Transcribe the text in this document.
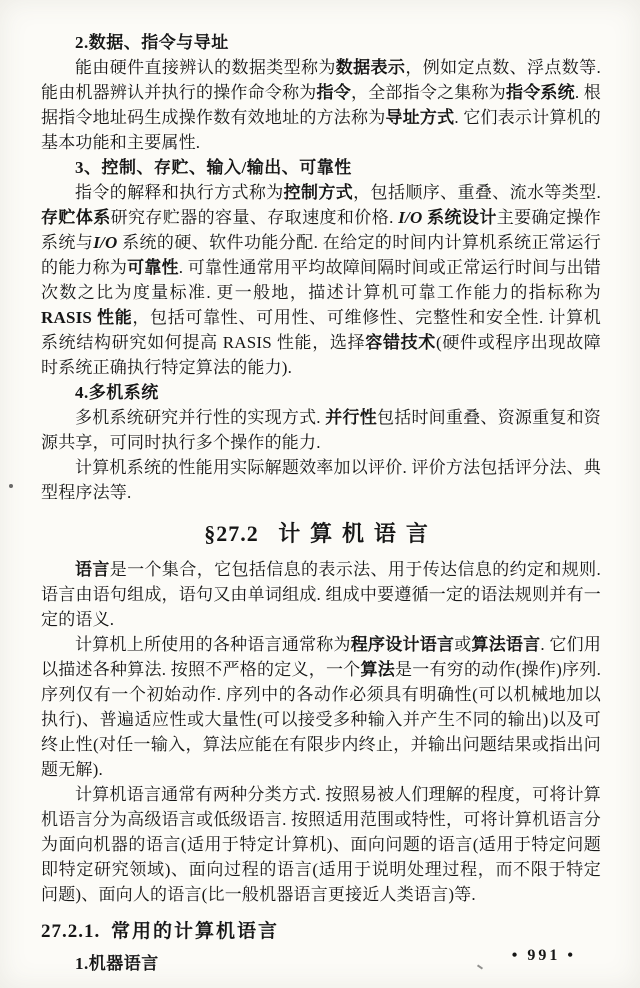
2.数据、指令与导址

能由硬件直接辨认的数据类型称为数据表示，例如定点数、浮点数等. 能由机器辨认并执行的操作命令称为指令，全部指令之集称为指令系统. 根据指令地址码生成操作数有效地址的方法称为导址方式. 它们表示计算机的基本功能和主要属性.

3、控制、存贮、输入/输出、可靠性

指令的解释和执行方式称为控制方式，包括顺序、重叠、流水等类型. 存贮体系研究存贮器的容量、存取速度和价格. I/O 系统设计主要确定操作系统与I/O 系统的硬、软件功能分配. 在给定的时间内计算机系统正常运行的能力称为可靠性. 可靠性通常用平均故障间隔时间或正常运行时间与出错次数之比为度量标准. 更一般地，描述计算机可靠工作能力的指标称为 RASIS 性能，包括可靠性、可用性、可维修性、完整性和安全性. 计算机系统结构研究如何提高 RASIS 性能，选择容错技术(硬件或程序出现故障时系统正确执行特定算法的能力).

4.多机系统

多机系统研究并行性的实现方式. 并行性包括时间重叠、资源重复和资源共享，可同时执行多个操作的能力.

计算机系统的性能用实际解题效率加以评价. 评价方法包括评分法、典型程序法等.

§27.2 计算机语言

语言是一个集合，它包括信息的表示法、用于传达信息的约定和规则. 语言由语句组成，语句又由单词组成. 组成中要遵循一定的语法规则并有一定的语义.

计算机上所使用的各种语言通常称为程序设计语言或算法语言. 它们用以描述各种算法. 按照不严格的定义，一个算法是一有穷的动作(操作)序列. 序列仅有一个初始动作. 序列中的各动作必须具有明确性(可以机械地加以执行)、普遍适应性或大量性(可以接受多种输入并产生不同的输出)以及可终止性(对任一输入，算法应能在有限步内终止，并输出问题结果或指出问题无解).

计算机语言通常有两种分类方式. 按照易被人们理解的程度，可将计算机语言分为高级语言或低级语言. 按照适用范围或特性，可将计算机语言分为面向机器的语言(适用于特定计算机)、面向问题的语言(适用于特定问题即特定研究领域)、面向过程的语言(适用于说明处理过程，而不限于特定问题)、面向人的语言(比一般机器语言更接近人类语言)等.

27.2.1. 常用的计算机语言
1.机器语言	• 991 •
